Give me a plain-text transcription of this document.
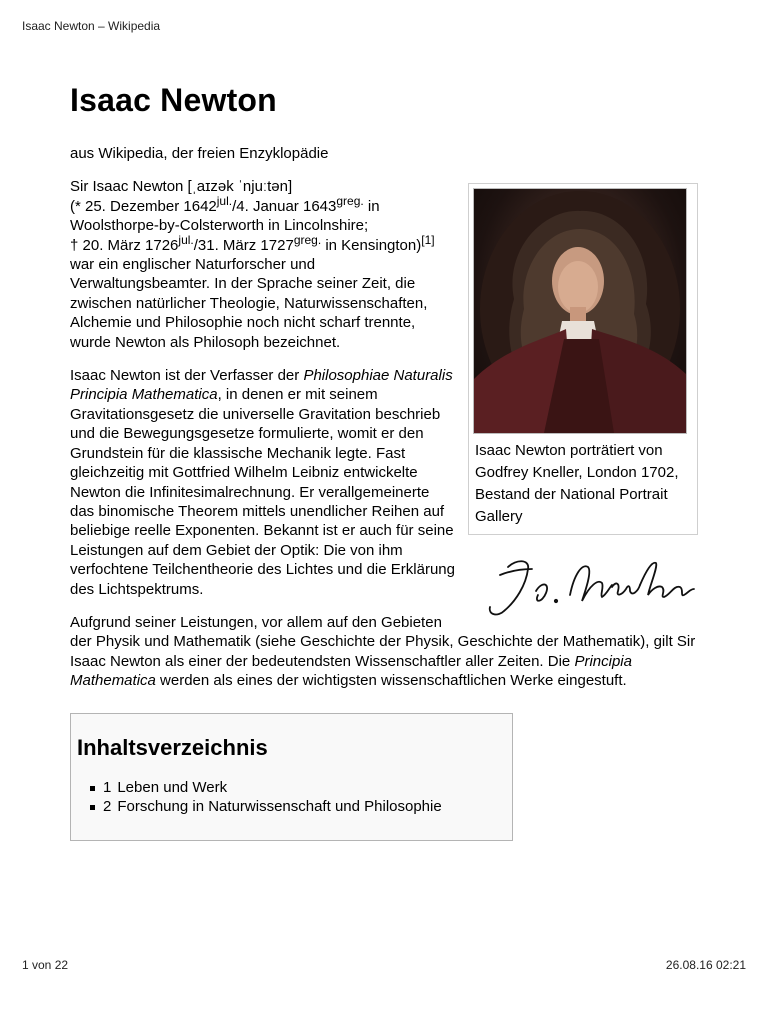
Isaac Newton – Wikipedia
Isaac Newton
aus Wikipedia, der freien Enzyklopädie
Isaac Newton porträtiert von Godfrey Kneller, London 1702, Bestand der National Portrait Gallery

Sir Isaac Newton [ˌaɪzək ˈnjuːtən]
(* 25. Dezember $1642^{jul.}/4$. Januar $1643^{greg.}$ in Woolsthorpe-by-Colsterworth in Lincolnshire;
† 20. März $1726^{jul.}/31$. März $1727^{greg.}$ in Kensington)[1] war ein englischer Naturforscher und Verwaltungsbeamter. In der Sprache seiner Zeit, die zwischen natürlicher Theologie, Naturwissenschaften, Alchemie und Philosophie noch nicht scharf trennte, wurde Newton als Philosoph bezeichnet.

Isaac Newton ist der Verfasser der Philosophiae Naturalis Principia Mathematica, in denen er mit seinem Gravitationsgesetz die universelle Gravitation beschrieb und die Bewegungsgesetze formulierte, womit er den Grundstein für die klassische Mechanik legte. Fast gleichzeitig mit Gottfried Wilhelm Leibniz entwickelte Newton die Infinitesimalrechnung. Er verallgemeinerte das binomische Theorem mittels unendlicher Reihen auf beliebige reelle Exponenten. Bekannt ist er auch für seine Leistungen auf dem Gebiet der Optik: Die von ihm verfochtene Teilchentheorie des Lichtes und die Erklärung des Lichtspektrums.

Aufgrund seiner Leistungen, vor allem auf den Gebieten der Physik und Mathematik (siehe Geschichte der Physik, Geschichte der Mathematik), gilt Sir Isaac Newton als einer der bedeutendsten Wissenschaftler aller Zeiten. Die Principia Mathematica werden als eines der wichtigsten wissenschaftlichen Werke eingestuft.

Inhaltsverzeichnis
1 Leben und Werk
2 Forschung in Naturwissenschaft und Philosophie
1 von 22	26.08.16 02:21
